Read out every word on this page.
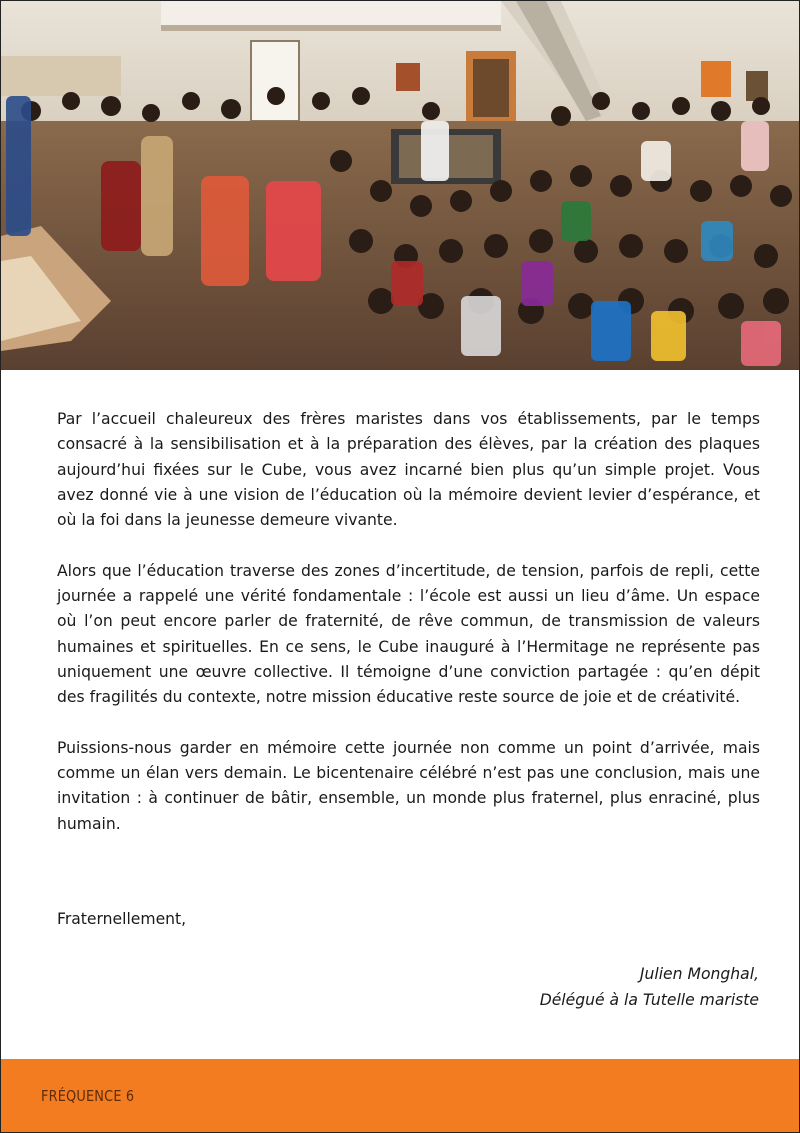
Par l’accueil chaleureux des frères maristes dans vos établissements, par le temps consacré à la sensibilisation et à la préparation des élèves, par la création des plaques aujourd’hui fixées sur le Cube, vous avez incarné bien plus qu’un simple projet. Vous avez donné vie à une vision de l’éducation où la mémoire devient levier d’espérance, et où la foi dans la jeunesse demeure vivante.

Alors que l’éducation traverse des zones d’incertitude, de tension, parfois de repli, cette journée a rappelé une vérité fondamentale : l’école est aussi un lieu d’âme. Un espace où l’on peut encore parler de fraternité, de rêve commun, de transmission de valeurs humaines et spirituelles. En ce sens, le Cube inauguré à l’Hermitage ne représente pas uniquement une œuvre collective. Il témoigne d’une conviction partagée : qu’en dépit des fragilités du contexte, notre mission éducative reste source de joie et de créativité.

Puissions-nous garder en mémoire cette journée non comme un point d’arrivée, mais comme un élan vers demain. Le bicentenaire célébré n’est pas une conclusion, mais une invitation : à continuer de bâtir, ensemble, un monde plus fraternel, plus enraciné, plus humain.

Fraternellement,
Julien Monghal,
Délégué à la Tutelle mariste
FRÉQUENCE 6
